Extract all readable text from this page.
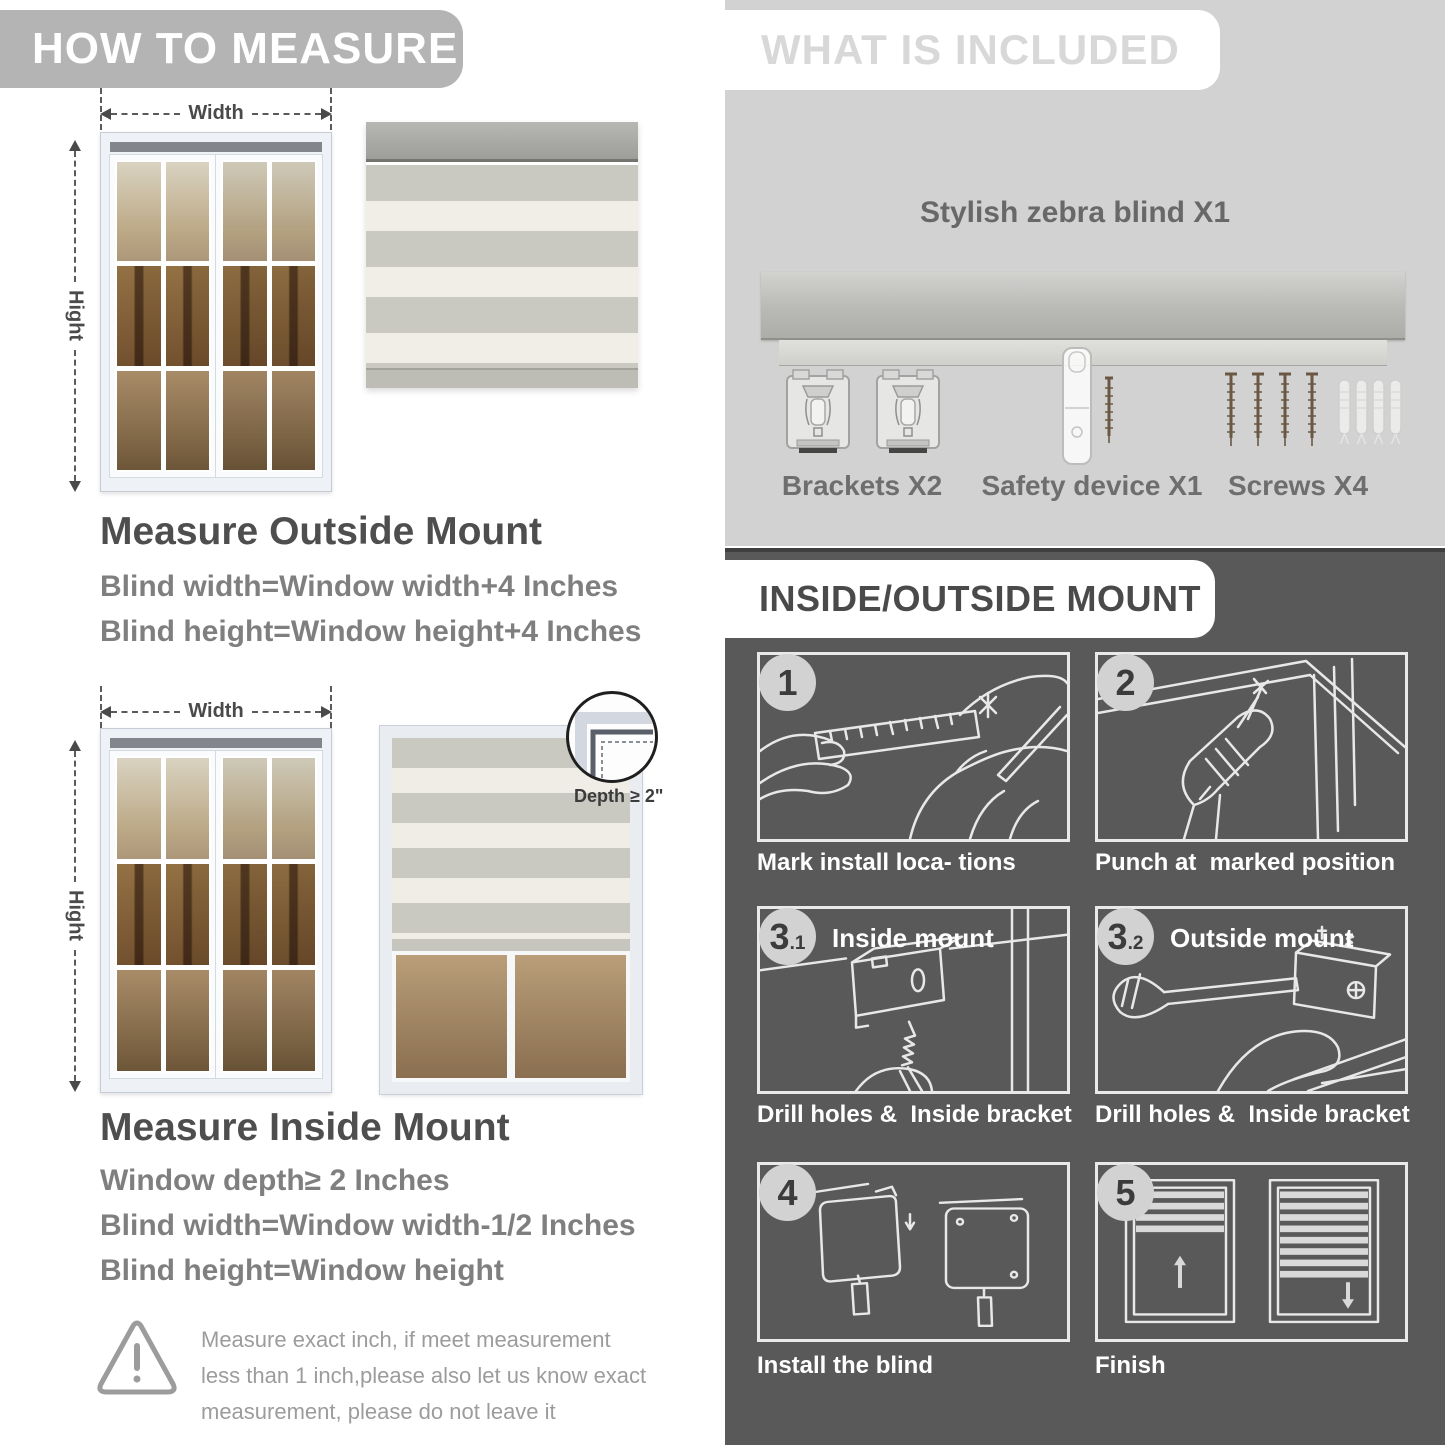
HOW TO MEASURE
Width
Hight
Measure Outside Mount
Blind width=Window width+4 Inches
Blind height=Window height+4 Inches
Width
Hight
Depth ≥ 2"
Measure Inside Mount
Window depth≥ 2 Inches
Blind width=Window width-1/2 Inches
Blind height=Window height
Measure exact inch, if meet measurement less than 1 inch,please also let us know exact measurement, please do not leave it
WHAT IS INCLUDED
Stylish zebra blind X1
Brackets X2	Safety device X1 Screws X4
INSIDE/OUTSIDE MOUNT
1
Mark install loca- tions
2
Punch at  marked position
3 .1 Inside mount
Drill holes &  Inside bracket
3 .2 Outside mount
Drill holes &  Inside bracket
4
Install the blind
5
Finish
